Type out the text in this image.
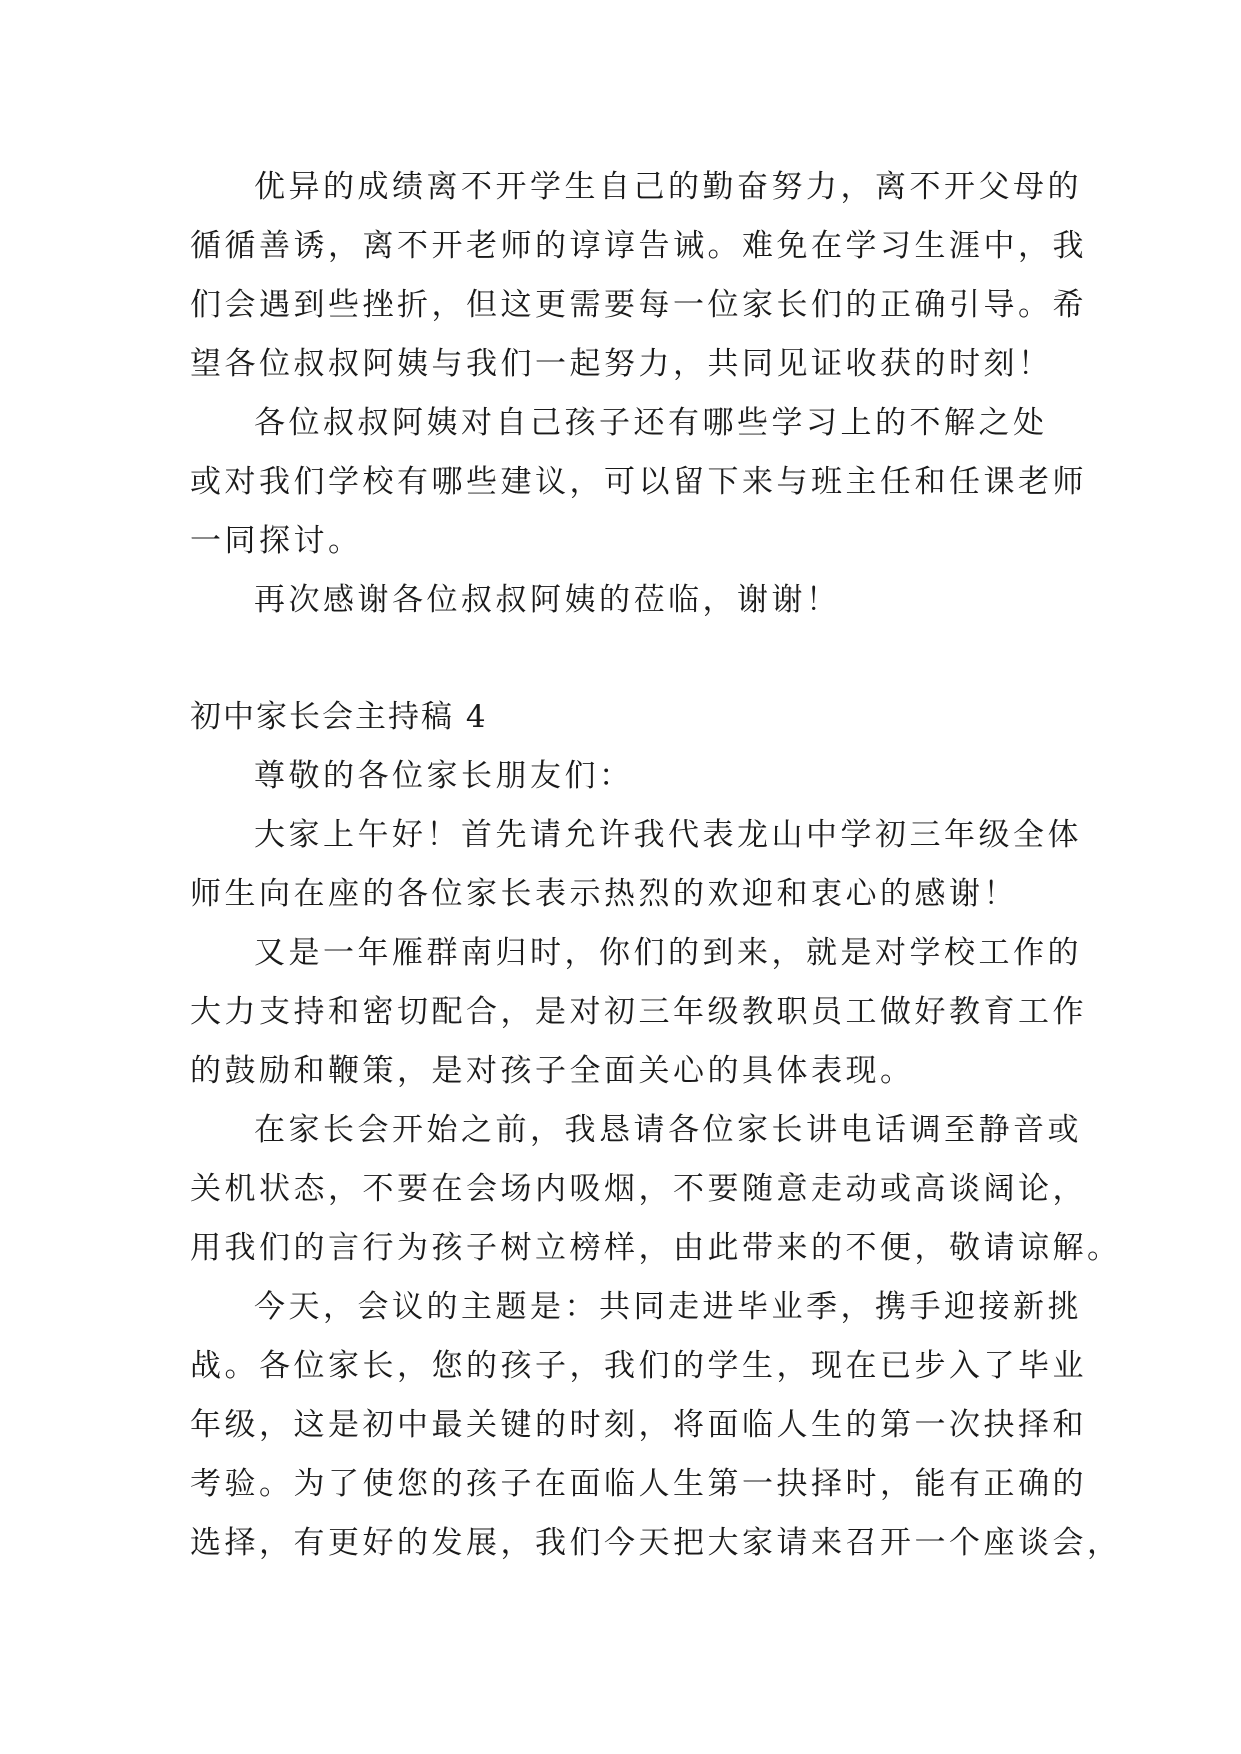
优异的成绩离不开学生自己的勤奋努力，离不开父母的
循循善诱，离不开老师的谆谆告诫。难免在学习生涯中，我
们会遇到些挫折，但这更需要每一位家长们的正确引导。希
望各位叔叔阿姨与我们一起努力，共同见证收获的时刻！
各位叔叔阿姨对自己孩子还有哪些学习上的不解之处
或对我们学校有哪些建议，可以留下来与班主任和任课老师
一同探讨。
再次感谢各位叔叔阿姨的莅临，谢谢！
初中家长会主持稿 4
尊敬的各位家长朋友们：
大家上午好！首先请允许我代表龙山中学初三年级全体
师生向在座的各位家长表示热烈的欢迎和衷心的感谢！
又是一年雁群南归时，你们的到来，就是对学校工作的
大力支持和密切配合，是对初三年级教职员工做好教育工作
的鼓励和鞭策，是对孩子全面关心的具体表现。
在家长会开始之前，我恳请各位家长讲电话调至静音或
关机状态，不要在会场内吸烟，不要随意走动或高谈阔论，
用我们的言行为孩子树立榜样，由此带来的不便，敬请谅解。
今天，会议的主题是：共同走进毕业季，携手迎接新挑
战。各位家长，您的孩子，我们的学生，现在已步入了毕业
年级，这是初中最关键的时刻，将面临人生的第一次抉择和
考验。为了使您的孩子在面临人生第一抉择时，能有正确的
选择，有更好的发展，我们今天把大家请来召开一个座谈会，
